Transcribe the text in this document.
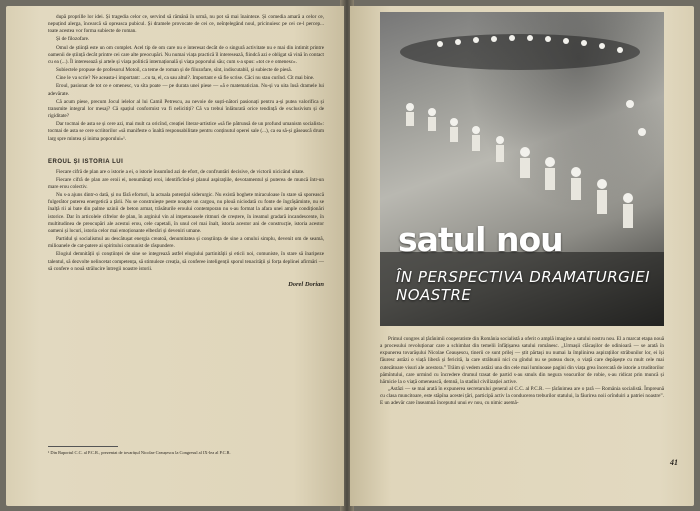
după proprille lor idei. Și tragedia celor ce, servind să rămână în urmă, nu pot să mai înainteze. Și comedia amară a celor ce, nepuțind alerga, încearcă să opreasca pubicul. Și dramele provocate de cei ce, neînțelegând noul, pricinuiesc pe cei ce-l percep... toate acestea vor forma subiecte de roman.

Și de filozofare.

Omul de științǎ este un om complet. Acel tip de om care nu e interesat decât de o singură activitate nu e mai din intimit printre oamenii de știință decât printre cei care alte preocupări. Nu numai viața practică îl interesează, fiindcă azi e obligat să vină în contact cu ea (...). Îl interesează și artele și viața politică internațională și viața poporului său; cum s-a spus: «tot ce e omenesc».

Subiectele propuse de profesorul Motoil, ca teme de roman și de filozofare, sînt, indiscutabil, și subiecte de piesă.

Cine le va scrie? Ne aceasta-i important: ...cu ta, el, ca sau altul?. Important e să fie scrise. Căci nu stau curînd. Cît mai bine.

Eroul, pasionat de tot ce e omenesc, va sîta poate — pe durata unei piese — «ă e matematician. Nu-și va uita însă dramele lui adevărate.

Că acum piese, precum Jocul ielelor al lui Camil Petrescu, au nevoie de suști-nători pasionați pentru a-și putea valorifica și transmite integral lor mesaj? Că spațiul conformist va fi nelicitiți? Că va trebui înlăturată orice tendință de exclusivism și de rigiditate?

Dar tocmai de asta se și cere azi, mai mult ca oricînd, creației literar-artistice «să fie pătrunsă de un profund umanism socialist»: tocmai de asta se cere scriitorilor «să manifeste o înaltă responsabilitate pentru conținutul operei sale (...), ca ea să-și găsească drum larg spre mintea și inima poporului»¹.

EROUL ȘI ISTORIA LUI

Fiecare cifră de plan are o istorie a ei, o istorie însumînd azi de efort, de confruntări decisive, de victorii nicicând uitate.

Fiecare cifră de plan are eroii ei, nenumărați eroi, identificînd-și planul aspirațiile, devotamentul și puterea de muncă într-un mare erou colectiv.

Nu s-a ajuns dintr-o dată, și nu fără eforturi, la actuala potențial siderurgic. Nu există boghete miraculoase în stare să sporească fulgerător puterea energetică a țării. Nu se construiește peste noapte un cargou, nu plouă niciodată cu fonte de îngrășăminte, nu se înalță rii ai bate din palme uzinii de beton armat, trăsăturile eroului contemporan nu s-au format la afara unei ample condiționări istorice. Dar în articolele cifrelor de plan, în arginiul vin al impetuoasele ritmuri de creștere, în ireamul gradară incandescente, în multitudinea de preocupări ale acestui erou, cele capetali, în unul cel mai înalt, istoria acestor ani de construcție, istoria acestor oameni și locuri, istoria celor mai emoționante elberări și deveniri umane.

Partidul și socialismul au descătușat energia creatoă, denumitatea și conștiința de sine a omului simplu, devenit om de seamă, milioanele de cat-patere ai spiritului comunist de răspundere.

Elogiul demnității și conștiinței de sine se integrează astfel elogiului partinității și eticii noi, comuniste, în stare să înaripeze talentul, să dezvolte nelincetat competența, să stimuleze creația, să conferee inteligenții sporul tenacității și forța deplinei afirmări — să confere o nouă strălucire întregii noastre istorii.

Dorel Dorian
¹ Din Raportul C.C. al P.C.R., prezentat de tovarășul Nicolae Ceaușescu la Congresul al IX-lea al P.C.R.
satul nou
ÎN PERSPECTIVA DRAMATURGIEI NOASTRE

Primul congres al țărănimii cooperatiste din România socialistă a oferit o amplă imagine a satului nostru nou. El a marcat etapa nouă a procesului revoluționar care a schimbat din temelii înfățișarea satului românesc. „Urmașii clăcașilor de odinioară — se arată în expunerea tovarășului Nicolae Ceaușescu, tinerii ce sunt prilej — știt părtași nu numai la împlinirea aspirațiilor străbunilor lor, ei își făuresc astăzi o viață liberă și fericită, la care străbunii nici cu gîndul nu se puteau duce, o viață care depășește cu mult cele mai cutezătoare visuri ale acestora.” Trăim și vedem astăzi una din cele mai luminoase pagini din viața grea încercată de istorie a truditorilor pămîntului, care urmind cu încredere drumul trasat de partid s-au smuls din negura veacurilor de robie, s-au ridicat prin muncă și hărnicie la o viață omenească, demnă, la stadiul civilizației active.

„Astăzi — se mai arată în expunerea secretarului general al C.C. al P.C.R. — țărănimea are o țară — România socialistă. Împreună cu clasa muncitoare, este stăpîna acestei țări, participă activ la conducerea treburilor statului, la făurirea noii orînduiri a patriei noastre”. E un adevăr care înseamnă începutul unui ev nou, cu nimic asemă-

41
